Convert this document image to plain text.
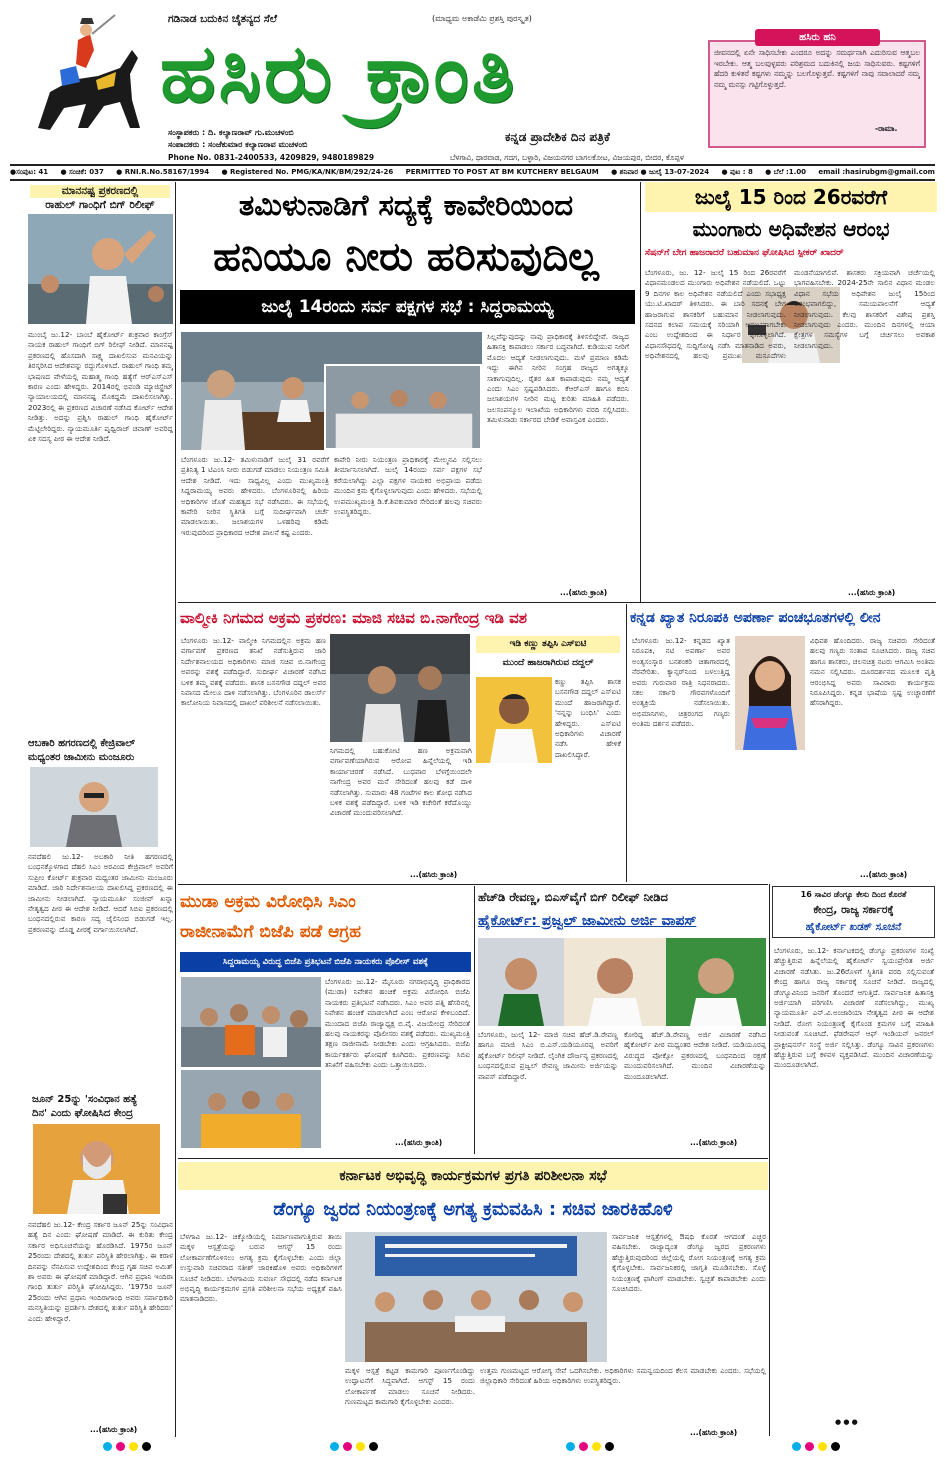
ಗಡಿನಾಡ ಬದುಕಿನ ಚೈತನ್ಯದ ಸೆಲೆ	(ಮಾಧ್ಯಮ ಅಕಾಡೆಮಿ ಪ್ರಶಸ್ತಿ ಪುರಸ್ಕೃತ)
ಹಸಿರು ಕ್ರಾಂತಿ
ಕನ್ನಡ ಪ್ರಾದೇಶಿಕ ದಿನ ಪತ್ರಿಕೆ
ಸಂಸ್ಥಾಪಕರು : ದಿ. ಕಲ್ಯಾಣರಾವ್ ಗು.ಮುಚಳಂಬಿ
ಸಂಪಾದಕರು : ಸಂಜೆಕುಮಾರ ಕಲ್ಯಾಣರಾವ ಮುಚಳಂಬಿ
Phone No. 0831-2400533, 4209829, 9480189829	ಬೆಳಗಾವಿ, ಧಾರವಾಡ, ಗದಗ, ಬಳ್ಳಾರಿ, ವಿಜಯನಗರ ಬಾಗಲಕೋಟ, ವಿಜಯಪುರ, ಬೀದರ, ಕೊಪ್ಪಳ
ಹಸಿರು ಹನಿ
ಜೀವನದಲ್ಲಿ ಏನೇ ಸಾಧಿಸಬೇಕು ಎಂದರೂ ಅದನ್ನು ಸಮರ್ಥನಾಗಿ ಎದುರಿಸುವ ಆತ್ಮಬಲ ಇರಬೇಕು. ಆತ್ಮ ಬಲವುಳ್ಳವರು ಪರಿಶ್ರಮದ ಬದುಕಿನಲ್ಲಿ ಜಯ ಸಾಧಿಸುವರು. ಕಷ್ಟಗಳಿಗೆ ಹೆದರಿ ಕುಳಿತರೆ ಕಷ್ಟಗಳು ನಮ್ಮನ್ನು ಬಲಗೊಳ್ಳುತ್ತವೆ. ಕಷ್ಟಗಳಿಗೆ ನಾವು ಸವಾಲಾದರೆ ನಮ್ಮ ನಮ್ಮ ಮನಸ್ಸು ಗಟ್ಟಿಗೊಳ್ಳುತ್ತದೆ.
-ರಾಮಾ.
●ಸಂಪುಟ: 41 ● ಸಂಚಿಕೆ: 037 ● RNI.R.No.58167/1994 ● Registered No. PMG/KA/NK/BM/292/24-26 PERMITTED TO POST AT BM KUTCHERY BELGAUM ● ಶನಿವಾರ ● ಜುಲೈ 13-07-2024 ● ಪುಟ : 8 ● ಬೆಲೆ :1.00 email :hasirubgm@gmail.com
ಮಾನನಷ್ಟ ಪ್ರಕರಣದಲ್ಲಿ
ರಾಹುಲ್ ಗಾಂಧಿಗೆ ಬಿಗ್ ರಿಲೀಫ್
ಮುಂಬೈ ಜು.12- ಬಾಂಬೆ ಹೈಕೋರ್ಟ್ ಶುಕ್ರವಾರ ಕಾಂಗ್ರೆಸ್ ನಾಯಕ ರಾಹುಲ್ ಗಾಂಧಿಗೆ ಬಿಗ್ ರಿಲೀಫ್ ನೀಡಿದೆ. ಮಾನನಷ್ಟ ಪ್ರಕರಣದಲ್ಲಿ ಹೊಸದಾಗಿ ಸಾಕ್ಷ್ಯ ದಾಖಲಿಸುವ ಮನವಿಯನ್ನು ತಿರಸ್ಕರಿಸಿದ ಆದೇಶವನ್ನು ರದ್ದುಗೊಳಿಸಿದೆ. ರಾಹುಲ್ ಗಾಂಧಿ ತಮ್ಮ ಭಾಷಣದ ವೇಳೆಯಲ್ಲಿ ಮಹಾತ್ಮ ಗಾಂಧಿ ಹತ್ಯೆಗೆ ಆರ್‌ಎಸ್‌ಎಸ್ ಕಾರಣ ಎಂದು ಹೇಳಿದ್ದರು. 2014ರಲ್ಲಿ ಭಿವಂಡಿ ಮ್ಯಾಜಿಸ್ಟ್ರೇಟ್ ನ್ಯಾಯಾಲಯದಲ್ಲಿ ಮಾನನಷ್ಟ ಮೊಕದ್ದಮೆ ದಾಖಲಿಸಲಾಗಿತ್ತು. 2023ರಲ್ಲಿ ಈ ಪ್ರಕರಣದ ವಿಚಾರಣೆ ನಡೆಸಿದ ಕೋರ್ಟ್ ಆದೇಶ ನೀಡಿತ್ತು. ಅದನ್ನು ಪ್ರಶ್ನಿಸಿ ರಾಹುಲ್ ಗಾಂಧಿ ಹೈಕೋರ್ಟ್ ಮೆಟ್ಟಿಲೇರಿದ್ದರು. ನ್ಯಾಯಮೂರ್ತಿ ಪೃಥ್ವಿರಾಜ್ ಚವಾಣ್ ಅವರಿದ್ದ ಏಕ ಸದಸ್ಯ ಪೀಠ ಈ ಆದೇಶ ನೀಡಿದೆ.
ಆಬಕಾರಿ ಹಗರಣದಲ್ಲಿ ಕೇಜ್ರಿವಾಲ್
ಮಧ್ಯಂತರ ಜಾಮೀನು ಮಂಜೂರು
ನವದೆಹಲಿ ಜು.12- ಅಬಕಾರಿ ನೀತಿ ಹಗರಣದಲ್ಲಿ ಬಂಧನಕ್ಕೊಳಗಾದ ದೆಹಲಿ ಸಿಎಂ ಅರವಿಂದ ಕೇಜ್ರಿವಾಲ್ ಅವರಿಗೆ ಸುಪ್ರೀಂ ಕೋರ್ಟ್ ಶುಕ್ರವಾರ ಮಧ್ಯಂತರ ಜಾಮೀನು ಮಂಜೂರು ಮಾಡಿದೆ. ಜಾರಿ ನಿರ್ದೇಶನಾಲಯ ದಾಖಲಿಸಿದ್ದ ಪ್ರಕರಣದಲ್ಲಿ ಈ ಜಾಮೀನು ನೀಡಲಾಗಿದೆ. ನ್ಯಾಯಮೂರ್ತಿ ಸಂಜೀವ್ ಖನ್ನಾ ನೇತೃತ್ವದ ಪೀಠ ಈ ಆದೇಶ ನೀಡಿದೆ. ಆದರೆ ಸಿಬಿಐ ಪ್ರಕರಣದಲ್ಲಿ ಬಂಧನದಲ್ಲಿರುವ ಕಾರಣ ಸದ್ಯ ಜೈಲಿನಿಂದ ಬಿಡುಗಡೆ ಇಲ್ಲ. ಪ್ರಕರಣವನ್ನು ದೊಡ್ಡ ಪೀಠಕ್ಕೆ ವರ್ಗಾಯಿಸಲಾಗಿದೆ.
ಜೂನ್ 25ನ್ನು 'ಸಂವಿಧಾನ ಹತ್ಯೆ
ದಿನ' ಎಂದು ಘೋಷಿಸಿದ ಕೇಂದ್ರ
ನವದೆಹಲಿ ಜು.12- ಕೇಂದ್ರ ಸರ್ಕಾರ ಜೂನ್ 25ನ್ನು ಸಂವಿಧಾನ ಹತ್ಯೆ ದಿನ ಎಂದು ಘೋಷಣೆ ಮಾಡಿದೆ. ಈ ಕುರಿತು ಕೇಂದ್ರ ಸರ್ಕಾರ ಅಧಿಸೂಚನೆಯನ್ನು ಹೊರಡಿಸಿದೆ. 1975ರ ಜೂನ್ 25ರಂದು ದೇಶದಲ್ಲಿ ತುರ್ತು ಪರಿಸ್ಥಿತಿ ಹೇರಲಾಗಿತ್ತು. ಈ ಕರಾಳ ದಿನವನ್ನು ನೆನಪಿಸುವ ಉದ್ದೇಶದಿಂದ ಕೇಂದ್ರ ಗೃಹ ಸಚಿವ ಅಮಿತ್ ಶಾ ಅವರು ಈ ಘೋಷಣೆ ಮಾಡಿದ್ದಾರೆ. ಆಗಿನ ಪ್ರಧಾನಿ ಇಂದಿರಾ ಗಾಂಧಿ ತುರ್ತು ಪರಿಸ್ಥಿತಿ ಘೋಷಿಸಿದ್ದರು. '1975ರ ಜೂನ್ 25ರಂದು ಆಗಿನ ಪ್ರಧಾನಿ ಇಂದಿರಾಗಾಂಧಿ ಅವರು ಸರ್ವಾಧಿಕಾರಿ ಮನಸ್ಥಿತಿಯನ್ನು ಪ್ರದರ್ಶಿಸಿ ದೇಶದಲ್ಲಿ ತುರ್ತು ಪರಿಸ್ಥಿತಿ ಹೇರಿದರು' ಎಂದು ಹೇಳಿದ್ದಾರೆ.
...(ಹಸಿರು ಕ್ರಾಂತಿ)
ತಮಿಳುನಾಡಿಗೆ ಸದ್ಯಕ್ಕೆ ಕಾವೇರಿಯಿಂದ
ಹನಿಯೂ ನೀರು ಹರಿಸುವುದಿಲ್ಲ
ಜುಲೈ 14ರಂದು ಸರ್ವ ಪಕ್ಷಗಳ ಸಭೆ : ಸಿದ್ದರಾಮಯ್ಯ
ಬೆಂಗಳೂರು ಜು.12- ತಮಿಳುನಾಡಿಗೆ ಜುಲೈ 31 ರವರೆಗೆ ಪ್ರತಿನಿತ್ಯ 1 ಟಿಎಂಸಿ ನೀರು ಬಿಡುಗಡೆ ಮಾಡಲು ನಿಯಂತ್ರಣ ಸಮಿತಿ ಆದೇಶ ನೀಡಿದೆ. ಇದು ಸಾಧ್ಯವಿಲ್ಲ ಎಂದು ಮುಖ್ಯಮಂತ್ರಿ ಸಿದ್ದರಾಮಯ್ಯ ಅವರು ಹೇಳಿದರು. ಬೆಂಗಳೂರಿನಲ್ಲಿ ಹಿರಿಯ ಅಧಿಕಾರಿಗಳ ಜೊತೆ ಮಹತ್ವದ ಸಭೆ ನಡೆಸಿದರು. ಈ ಸಭೆಯಲ್ಲಿ ಕಾವೇರಿ ನೀರಿನ ಸ್ಥಿತಿಗತಿ ಬಗ್ಗೆ ಸುದೀರ್ಘವಾಗಿ ಚರ್ಚೆ ಮಾಡಲಾಯಿತು. ಜಲಾಶಯಗಳ ಒಳಹರಿವು ಕಡಿಮೆ ಇರುವುದರಿಂದ ಪ್ರಾಧಿಕಾರದ ಆದೇಶ ಪಾಲನೆ ಕಷ್ಟ ಎಂದರು.
ಕಾವೇರಿ ನೀರು ನಿಯಂತ್ರಣ ಪ್ರಾಧಿಕಾರಕ್ಕೆ ಮೇಲ್ಮನವಿ ಸಲ್ಲಿಸಲು ತೀರ್ಮಾನಿಸಲಾಗಿದೆ. ಜುಲೈ 14ರಂದು ಸರ್ವ ಪಕ್ಷಗಳ ಸಭೆ ಕರೆಯಲಾಗಿದ್ದು ಎಲ್ಲಾ ಪಕ್ಷಗಳ ನಾಯಕರ ಅಭಿಪ್ರಾಯ ಪಡೆದು ಮುಂದಿನ ಕ್ರಮ ಕೈಗೊಳ್ಳಲಾಗುವುದು ಎಂದು ಹೇಳಿದರು. ಸಭೆಯಲ್ಲಿ ಉಪಮುಖ್ಯಮಂತ್ರಿ ಡಿ.ಕೆ.ಶಿವಕುಮಾರ ಸೇರಿದಂತೆ ಹಲವು ಸಚಿವರು ಉಪಸ್ಥಿತರಿದ್ದರು.
ಸಿಲ್ಲವೆನ್ನುವುದನ್ನು ನಾವು ಪ್ರಾಧಿಕಾರಕ್ಕೆ ತಿಳಿಸಲಿದ್ದೇವೆ. ರಾಜ್ಯದ ಹಿತಾಸಕ್ತಿ ಕಾಪಾಡಲು ಸರ್ಕಾರ ಬದ್ಧವಾಗಿದೆ. ಕುಡಿಯುವ ನೀರಿಗೆ ಮೊದಲ ಆದ್ಯತೆ ನೀಡಲಾಗುವುದು. ಮಳೆ ಪ್ರಮಾಣ ಕಡಿಮೆ ಇದ್ದು ಈಗಿನ ನೀರಿನ ಸಂಗ್ರಹ ರಾಜ್ಯದ ಅಗತ್ಯಕ್ಕೂ ಸಾಕಾಗುವುದಿಲ್ಲ. ರೈತರ ಹಿತ ಕಾಪಾಡುವುದು ನಮ್ಮ ಆದ್ಯತೆ ಎಂದು ಸಿಎಂ ಸ್ಪಷ್ಟಪಡಿಸಿದರು. ಕೆಆರ್‌ಎಸ್ ಹಾಗೂ ಕಬಿನಿ ಜಲಾಶಯಗಳ ನೀರಿನ ಮಟ್ಟ ಕುರಿತು ಮಾಹಿತಿ ಪಡೆದರು. ಜಲಸಂಪನ್ಮೂಲ ಇಲಾಖೆಯ ಅಧಿಕಾರಿಗಳು ವರದಿ ಸಲ್ಲಿಸಿದರು. ತಮಿಳುನಾಡು ಸರ್ಕಾರದ ಬೇಡಿಕೆ ಅವಾಸ್ತವಿಕ ಎಂದರು.
...(ಹಸಿರು ಕ್ರಾಂತಿ)
ಜುಲೈ 15 ರಿಂದ 26ರವರೆಗೆ
ಮುಂಗಾರು ಅಧಿವೇಶನ ಆರಂಭ
ಸೆಷನ್‌ಗೆ ಬೇಗ ಹಾಜರಾದರೆ ಬಹುಮಾನ ಘೋಷಿಸಿದ ಸ್ಪೀಕರ್ ಖಾದರ್
ಬೆಂಗಳೂರು, ಜು. 12- ಜುಲೈ 15 ರಿಂದ 26ರವರೆಗೆ ವಿಧಾನಮಂಡಲದ ಮುಂಗಾರು ಅಧಿವೇಶನ ನಡೆಯಲಿದೆ. ಒಟ್ಟು 9 ದಿನಗಳ ಕಾಲ ಅಧಿವೇಶನ ನಡೆಯಲಿದೆ ಎಂದು ಸಭಾಧ್ಯಕ್ಷ ಯು.ಟಿ.ಖಾದರ್ ತಿಳಿಸಿದರು. ಈ ಬಾರಿ ಸದನಕ್ಕೆ ಬೇಗ ಹಾಜರಾಗುವ ಶಾಸಕರಿಗೆ ಬಹುಮಾನ ನೀಡಲಾಗುವುದು. ಸದನದ ಕಲಾಪ ಸಮಯಕ್ಕೆ ಸರಿಯಾಗಿ ಆರಂಭವಾಗಬೇಕು ಎಂಬ ಉದ್ದೇಶದಿಂದ ಈ ನಿರ್ಧಾರ ಕೈಗೊಳ್ಳಲಾಗಿದೆ. ವಿಧಾನಸೌಧದಲ್ಲಿ ಸುದ್ದಿಗೋಷ್ಠಿ ನಡೆಸಿ ಮಾತನಾಡಿದ ಅವರು, ಅಧಿವೇಶನದಲ್ಲಿ ಹಲವು ಪ್ರಮುಖ ಮಸೂದೆಗಳು ಮಂಡನೆಯಾಗಲಿವೆ. ಶಾಸಕರು ಸಕ್ರಿಯವಾಗಿ ಚರ್ಚೆಯಲ್ಲಿ ಭಾಗವಹಿಸಬೇಕು. 2024-25ನೇ ಸಾಲಿನ ವಿಧಾನ ಮಂಡಲ ವಿಧಾನ ಸಭೆಯ ಅಧಿವೇಶನ ಜುಲೈ 15ರಿಂದ ಆರಂಭವಾಗಲಿದ್ದು, ಸಮಯಪಾಲನೆಗೆ ಆದ್ಯತೆ ನೀಡಲಾಗುವುದು. ಕೆಲವು ಶಾಸಕರಿಗೆ ವಿಶೇಷ ಪ್ರಶಸ್ತಿ ನೀಡಲಾಗುವುದು ಎಂದರು. ಮುಂದಿನ ದಿನಗಳಲ್ಲಿ ಆಯಾ ಕ್ಷೇತ್ರಗಳ ಸಮಸ್ಯೆಗಳ ಬಗ್ಗೆ ಚರ್ಚಿಸಲು ಅವಕಾಶ ನೀಡಲಾಗುವುದು.
...(ಹಸಿರು ಕ್ರಾಂತಿ)
ವಾಲ್ಮೀಕಿ ನಿಗಮದ ಅಕ್ರಮ ಪ್ರಕರಣ: ಮಾಜಿ ಸಚಿವ ಬಿ.ನಾಗೇಂದ್ರ ಇಡಿ ವಶ
ಬೆಂಗಳೂರು ಜು.12- ವಾಲ್ಮೀಕಿ ನಿಗಮದಲ್ಲಿನ ಅಕ್ರಮ ಹಣ ವರ್ಗಾವಣೆ ಪ್ರಕರಣದ ತನಿಖೆ ನಡೆಸುತ್ತಿರುವ ಜಾರಿ ನಿರ್ದೇಶನಾಲಯದ ಅಧಿಕಾರಿಗಳು ಮಾಜಿ ಸಚಿವ ಬಿ.ನಾಗೇಂದ್ರ ಅವರನ್ನು ವಶಕ್ಕೆ ಪಡೆದಿದ್ದಾರೆ. ಸುದೀರ್ಘ ವಿಚಾರಣೆ ನಡೆಸಿದ ಬಳಿಕ ತಮ್ಮ ವಶಕ್ಕೆ ಪಡೆದರು. ಶಾಸಕ ಬಸನಗೌಡ ದದ್ದಲ್ ಅವರ ನಿವಾಸದ ಮೇಲೂ ದಾಳಿ ನಡೆಸಲಾಗಿತ್ತು. ಬೆಂಗಳೂರಿನ ಡಾಲರ್ಸ್ ಕಾಲೋನಿಯ ನಿವಾಸದಲ್ಲಿ ದಾಖಲೆ ಪರಿಶೀಲನೆ ನಡೆಸಲಾಯಿತು.
ಇಡಿ ಕಣ್ಣು ತಪ್ಪಿಸಿ ಎಸ್‌ಐಟಿ
ಮುಂದೆ ಹಾಜರಾಗಿರುವ ದದ್ದಲ್
ನಿಗಮದಲ್ಲಿ ಬಹುಕೋಟಿ ಹಣ ಅಕ್ರಮವಾಗಿ ವರ್ಗಾವಣೆಯಾಗಿರುವ ಆರೋಪ ಹಿನ್ನೆಲೆಯಲ್ಲಿ ಇಡಿ ಕಾರ್ಯಾಚರಣೆ ನಡೆಸಿದೆ. ಬುಧವಾರ ಬೆಳಗ್ಗೆಯಿಂದಲೇ ನಾಗೇಂದ್ರ ಅವರ ಮನೆ ಸೇರಿದಂತೆ ಹಲವು ಕಡೆ ದಾಳಿ ನಡೆಸಲಾಗಿತ್ತು. ಸುಮಾರು 48 ಗಂಟೆಗಳ ಕಾಲ ಶೋಧ ನಡೆಸಿದ ಬಳಿಕ ವಶಕ್ಕೆ ಪಡೆದಿದ್ದಾರೆ. ಬಳಿಕ ಇಡಿ ಕಚೇರಿಗೆ ಕರೆದೊಯ್ದು ವಿಚಾರಣೆ ಮುಂದುವರಿಸಲಾಗಿದೆ.
ಕಣ್ಣು ತಪ್ಪಿಸಿ ಶಾಸಕ ಬಸನಗೌಡ ದದ್ದಲ್ ಎಸ್‌ಐಟಿ ಮುಂದೆ ಹಾಜರಾಗಿದ್ದಾರೆ. 'ನನ್ನನ್ನು ಬಂಧಿಸಿ' ಎಂದು ಹೇಳಿದ್ದರು. ಎಸ್‌ಐಟಿ ಅಧಿಕಾರಿಗಳು ವಿಚಾರಣೆ ನಡೆಸಿ ಹೇಳಿಕೆ ದಾಖಲಿಸಿದ್ದಾರೆ.
...(ಹಸಿರು ಕ್ರಾಂತಿ)
ಕನ್ನಡ ಖ್ಯಾತ ನಿರೂಪಕಿ ಅಪರ್ಣಾ ಪಂಚಭೂತಗಳಲ್ಲಿ ಲೀನ
ಬೆಂಗಳೂರು ಜು.12- ಕನ್ನಡದ ಖ್ಯಾತ ನಿರೂಪಕಿ, ನಟಿ ಅಪರ್ಣಾ ಅವರ ಅಂತ್ಯಸಂಸ್ಕಾರ ಬನಶಂಕರಿ ಚಿತಾಗಾರದಲ್ಲಿ ನೆರವೇರಿತು. ಕ್ಯಾನ್ಸರ್‌ನಿಂದ ಬಳಲುತ್ತಿದ್ದ ಅವರು ಗುರುವಾರ ರಾತ್ರಿ ನಿಧನರಾದರು. ಸಕಲ ಸರ್ಕಾರಿ ಗೌರವಗಳೊಂದಿಗೆ ಅಂತ್ಯಕ್ರಿಯೆ ನಡೆಸಲಾಯಿತು. ಅಭಿಮಾನಿಗಳು, ಚಿತ್ರರಂಗದ ಗಣ್ಯರು ಅಂತಿಮ ದರ್ಶನ ಪಡೆದರು.
ವಿಧಿವಶ ಹೊಂದಿದರು. ರಾಜ್ಯ ಸಚಿವರು ಸೇರಿದಂತೆ ಹಲವು ಗಣ್ಯರು ಸಂತಾಪ ಸೂಚಿಸಿದರು. ರಾಜ್ಯ ಸಚಿವ ಹಾಗೂ ಶಾಸಕರು, ಚಲನಚಿತ್ರ ನಟರು ಆಗಮಿಸಿ ಅಂತಿಮ ನಮನ ಸಲ್ಲಿಸಿದರು. ದೂರದರ್ಶನದ ಮೂಲಕ ವೃತ್ತಿ ಆರಂಭಿಸಿದ್ದ ಅವರು ಸಾವಿರಾರು ಕಾರ್ಯಕ್ರಮ ನಿರೂಪಿಸಿದ್ದರು. ಕನ್ನಡ ಭಾಷೆಯ ಸ್ಪಷ್ಟ ಉಚ್ಚಾರಣೆಗೆ ಹೆಸರಾಗಿದ್ದರು.
...(ಹಸಿರು ಕ್ರಾಂತಿ)
ಮುಡಾ ಅಕ್ರಮ ವಿರೋಧಿಸಿ ಸಿಎಂ
ರಾಜೀನಾಮೆಗೆ ಬಿಜೆಪಿ ಪಡೆ ಆಗ್ರಹ
ಸಿದ್ದರಾಮಯ್ಯ ವಿರುದ್ಧ ಬಿಜೆಪಿ ಪ್ರತಿಭಟನೆ ಬಿಜೆಪಿ ನಾಯಕರು ಪೊಲೀಸ್ ವಶಕ್ಕೆ
ಬೆಂಗಳೂರು ಜು.12- ಮೈಸೂರು ನಗರಾಭಿವೃದ್ಧಿ ಪ್ರಾಧಿಕಾರದ (ಮುಡಾ) ನಿವೇಶನ ಹಂಚಿಕೆ ಅಕ್ರಮ ವಿರೋಧಿಸಿ ಬಿಜೆಪಿ ನಾಯಕರು ಪ್ರತಿಭಟನೆ ನಡೆಸಿದರು. ಸಿಎಂ ಅವರ ಪತ್ನಿ ಹೆಸರಿನಲ್ಲಿ ನಿವೇಶನ ಹಂಚಿಕೆ ಮಾಡಲಾಗಿದೆ ಎಂಬ ಆರೋಪ ಕೇಳಿಬಂದಿದೆ. ಮುಂದಾದ ಬಿಜೆಪಿ ರಾಜ್ಯಾಧ್ಯಕ್ಷ ಬಿ.ವೈ. ವಿಜಯೇಂದ್ರ ಸೇರಿದಂತೆ ಹಲವು ನಾಯಕರನ್ನು ಪೊಲೀಸರು ವಶಕ್ಕೆ ಪಡೆದರು. ಮುಖ್ಯಮಂತ್ರಿ ತಕ್ಷಣ ರಾಜೀನಾಮೆ ನೀಡಬೇಕು ಎಂದು ಆಗ್ರಹಿಸಿದರು. ಬಿಜೆಪಿ ಕಾರ್ಯಕರ್ತರು ಘೋಷಣೆ ಕೂಗಿದರು. ಪ್ರಕರಣವನ್ನು ಸಿಬಿಐ ತನಿಖೆಗೆ ವಹಿಸಬೇಕು ಎಂದು ಒತ್ತಾಯಿಸಿದರು.
...(ಹಸಿರು ಕ್ರಾಂತಿ)
ಹೆಚ್‌ಡಿ ರೇವಣ್ಣ, ಬಿಎಸ್‌ವೈಗೆ ಬಿಗ್ ರಿಲೀಫ್ ನೀಡಿದ
ಹೈಕೋರ್ಟ್: ಪ್ರಜ್ವಲ್ ಜಾಮೀನು ಅರ್ಜಿ ವಾಪಸ್
ಬೆಂಗಳೂರು, ಜುಲೈ 12- ಮಾಜಿ ಸಚಿವ ಹೆಚ್.ಡಿ.ರೇವಣ್ಣ ಹಾಗೂ ಮಾಜಿ ಸಿಎಂ ಬಿ.ಎಸ್.ಯಡಿಯೂರಪ್ಪ ಅವರಿಗೆ ಹೈಕೋರ್ಟ್ ರಿಲೀಫ್ ನೀಡಿದೆ. ಲೈಂಗಿಕ ದೌರ್ಜನ್ಯ ಪ್ರಕರಣದಲ್ಲಿ ಬಂಧನದಲ್ಲಿರುವ ಪ್ರಜ್ವಲ್ ರೇವಣ್ಣ ಜಾಮೀನು ಅರ್ಜಿಯನ್ನು ವಾಪಸ್ ಪಡೆದಿದ್ದಾರೆ.
ಕೋರಿದ್ದ ಹೆಚ್.ಡಿ.ರೇವಣ್ಣ ಅರ್ಜಿ ವಿಚಾರಣೆ ನಡೆಸಿದ ಹೈಕೋರ್ಟ್ ಪೀಠ ಮಧ್ಯಂತರ ಆದೇಶ ನೀಡಿದೆ. ಯಡಿಯೂರಪ್ಪ ವಿರುದ್ಧದ ಪೋಕ್ಸೋ ಪ್ರಕರಣದಲ್ಲಿ ಬಂಧನದಿಂದ ರಕ್ಷಣೆ ಮುಂದುವರಿಸಲಾಗಿದೆ. ಮುಂದಿನ ವಿಚಾರಣೆಯನ್ನು ಮುಂದೂಡಲಾಗಿದೆ.
...(ಹಸಿರು ಕ್ರಾಂತಿ)
16 ಸಾವಿರ ಡೆಂಗ್ಯೂ ಕೇಸು ದಿಂದ ಕೊರತೆ
ಕೇಂದ್ರ, ರಾಜ್ಯ ಸರ್ಕಾರಕ್ಕೆ
ಹೈಕೋರ್ಟ್ ಖಡಕ್ ಸೂಚನೆ
ಬೆಂಗಳೂರು, ಜು.12- ಕರ್ನಾಟಕದಲ್ಲಿ ಡೆಂಗ್ಯೂ ಪ್ರಕರಣಗಳ ಸಂಖ್ಯೆ ಹೆಚ್ಚುತ್ತಿರುವ ಹಿನ್ನೆಲೆಯಲ್ಲಿ ಹೈಕೋರ್ಟ್ ಸ್ವಯಂಪ್ರೇರಿತ ಅರ್ಜಿ ವಿಚಾರಣೆ ನಡೆಸಿತು. ಜು.26ರೊಳಗೆ ಸ್ಥಿತಿಗತಿ ವರದಿ ಸಲ್ಲಿಸುವಂತೆ ಕೇಂದ್ರ ಹಾಗೂ ರಾಜ್ಯ ಸರ್ಕಾರಕ್ಕೆ ಸೂಚನೆ ನೀಡಿದೆ. ರಾಜ್ಯದಲ್ಲಿ ಡೆಂಗ್ಯೂವಿನಿಂದ ಜನರಿಗೆ ತೊಂದರೆ ಆಗುತ್ತಿದೆ. ಸಾರ್ವಜನಿಕ ಹಿತಾಸಕ್ತಿ ಅರ್ಜಿಯಾಗಿ ಪರಿಗಣಿಸಿ ವಿಚಾರಣೆ ನಡೆಸಲಾಗಿದ್ದು, ಮುಖ್ಯ ನ್ಯಾಯಮೂರ್ತಿ ಎನ್.ವಿ.ಅಂಜಾರಿಯಾ ನೇತೃತ್ವದ ಪೀಠ ಈ ಆದೇಶ ನೀಡಿದೆ. ರೋಗ ನಿಯಂತ್ರಣಕ್ಕೆ ಕೈಗೊಂಡ ಕ್ರಮಗಳ ಬಗ್ಗೆ ಮಾಹಿತಿ ನೀಡುವಂತೆ ಸೂಚಿಸಿದೆ. ಫೆಡರೇಷನ್ ಆಫ್ ಇಂಡಿಯನ್ ಜನರಲ್ ಪ್ರಾಕ್ಟೀಷನರ್ಸ್ ಸಂಸ್ಥೆ ಅರ್ಜಿ ಸಲ್ಲಿಸಿತ್ತು. ಡೆಂಗ್ಯೂ ಸಾವಿನ ಪ್ರಕರಣಗಳು ಹೆಚ್ಚುತ್ತಿರುವ ಬಗ್ಗೆ ಕಳವಳ ವ್ಯಕ್ತಪಡಿಸಿದೆ. ಮುಂದಿನ ವಿಚಾರಣೆಯನ್ನು ಮುಂದೂಡಲಾಗಿದೆ.
● ● ●
ಕರ್ನಾಟಕ ಅಭಿವೃದ್ಧಿ ಕಾರ್ಯಕ್ರಮಗಳ ಪ್ರಗತಿ ಪರಿಶೀಲನಾ ಸಭೆ
ಡೆಂಗ್ಯೂ ಜ್ವರದ ನಿಯಂತ್ರಣಕ್ಕೆ ಅಗತ್ಯ ಕ್ರಮವಹಿಸಿ : ಸಚಿವ ಜಾರಕಿಹೊಳಿ
ಬೆಳಗಾವಿ ಜು.12- ಚಿಕ್ಕೋಡಿಯಲ್ಲಿ ನಿರ್ಮಾಣವಾಗುತ್ತಿರುವ ತಾಯಿ ಮಕ್ಕಳ ಆಸ್ಪತ್ರೆಯನ್ನು ಬರುವ ಆಗಸ್ಟ್ 15 ರಂದು ಲೋಕಾರ್ಪಣೆಗೊಳಿಸಲು ಅಗತ್ಯ ಕ್ರಮ ಕೈಗೊಳ್ಳಬೇಕು ಎಂದು ಜಿಲ್ಲಾ ಉಸ್ತುವಾರಿ ಸಚಿವರಾದ ಸತೀಶ್ ಜಾರಕಿಹೊಳಿ ಅವರು ಅಧಿಕಾರಿಗಳಿಗೆ ಸೂಚನೆ ನೀಡಿದರು. ಬೆಳಗಾವಿಯ ಸುವರ್ಣ ಸೌಧದಲ್ಲಿ ನಡೆದ ಕರ್ನಾಟಕ ಅಭಿವೃದ್ಧಿ ಕಾರ್ಯಕ್ರಮಗಳ ಪ್ರಗತಿ ಪರಿಶೀಲನಾ ಸಭೆಯ ಅಧ್ಯಕ್ಷತೆ ವಹಿಸಿ ಮಾತನಾಡಿದರು.
ಮಕ್ಕಳ ಆಸ್ಪತ್ರೆ ಕಟ್ಟಡ ಕಾಮಗಾರಿ ಪೂರ್ಣಗೊಂಡಿದ್ದು ಉದ್ಘಾಟನೆಗೆ ಸಿದ್ಧವಾಗಿದೆ. ಆಗಸ್ಟ್ 15 ರಂದು ಲೋಕಾರ್ಪಣೆ ಮಾಡಲು ಸೂಚನೆ ನೀಡಿದರು. ಗುಣಮಟ್ಟದ ಕಾಮಗಾರಿ ಕೈಗೊಳ್ಳಬೇಕು ಎಂದರು.
ಸಾರ್ವಜನಿಕ ಆಸ್ಪತ್ರೆಗಳಲ್ಲಿ ಔಷಧಿ ಕೊರತೆ ಆಗದಂತೆ ಎಚ್ಚರ ವಹಿಸಬೇಕು. ರಾಜ್ಯಾದ್ಯಂತ ಡೆಂಗ್ಯೂ ಜ್ವರದ ಪ್ರಕರಣಗಳು ಹೆಚ್ಚುತ್ತಿರುವುದರಿಂದ ಜಿಲ್ಲೆಯಲ್ಲಿ ರೋಗ ನಿಯಂತ್ರಣಕ್ಕೆ ಅಗತ್ಯ ಕ್ರಮ ಕೈಗೊಳ್ಳಬೇಕು. ಸಾರ್ವಜನಿಕರಲ್ಲಿ ಜಾಗೃತಿ ಮೂಡಿಸಬೇಕು. ಸೊಳ್ಳೆ ನಿಯಂತ್ರಣಕ್ಕೆ ಫಾಗಿಂಗ್ ಮಾಡಬೇಕು. ಸ್ವಚ್ಛತೆ ಕಾಪಾಡಬೇಕು ಎಂದು ಸೂಚಿಸಿದರು.
ಉತ್ತಮ ಗುಣಮಟ್ಟದ ಆರೋಗ್ಯ ಸೇವೆ ಒದಗಿಸಬೇಕು. ಅಧಿಕಾರಿಗಳು ಸಮನ್ವಯದಿಂದ ಕೆಲಸ ಮಾಡಬೇಕು ಎಂದರು. ಸಭೆಯಲ್ಲಿ ಜಿಲ್ಲಾಧಿಕಾರಿ ಸೇರಿದಂತೆ ಹಿರಿಯ ಅಧಿಕಾರಿಗಳು ಉಪಸ್ಥಿತರಿದ್ದರು.
...(ಹಸಿರು ಕ್ರಾಂತಿ)
